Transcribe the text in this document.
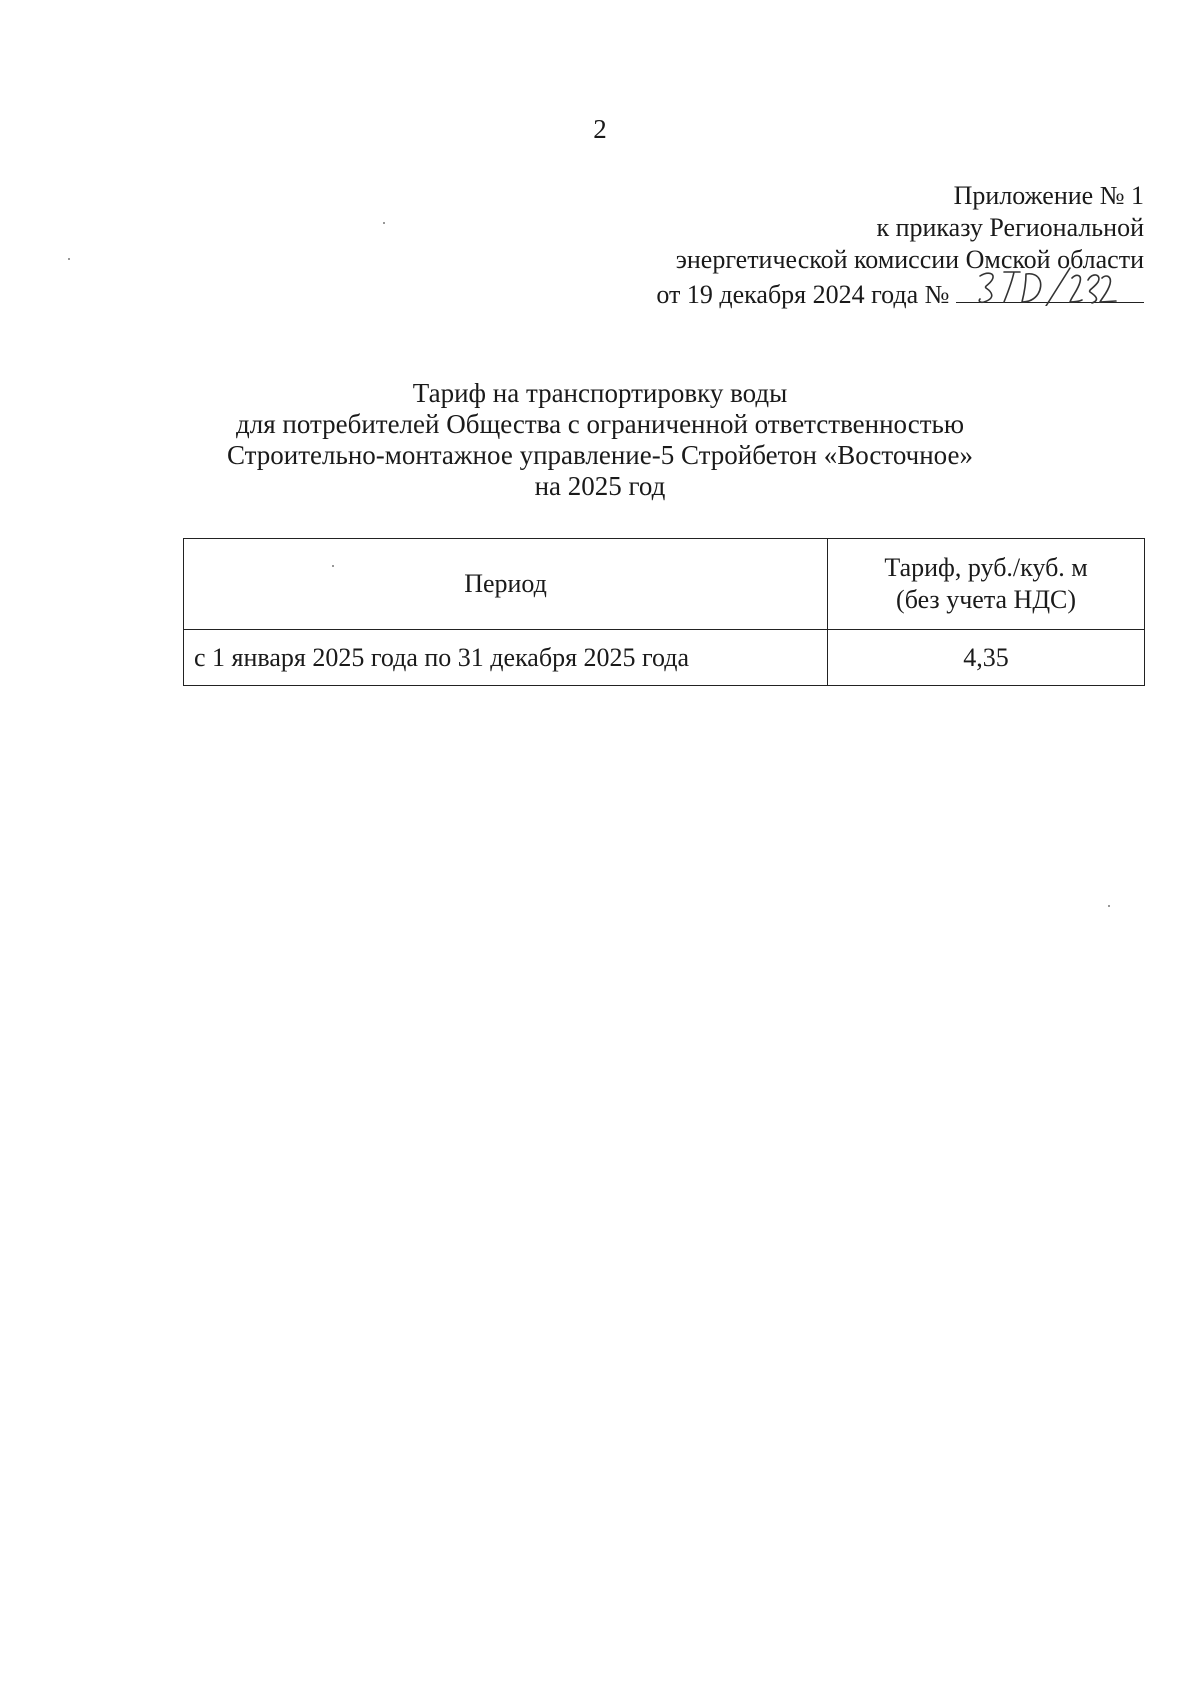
2
Приложение № 1
к приказу Региональной
энергетической комиссии Омской области
от 19 декабря 2024 года №
Тариф на транспортировку воды
для потребителей Общества с ограниченной ответственностью
Строительно-монтажное управление-5 Стройбетон «Восточное»
на 2025 год
Период	Тариф, руб./куб. м
(без учета НДС)
с 1 января 2025 года по 31 декабря 2025 года	4,35
